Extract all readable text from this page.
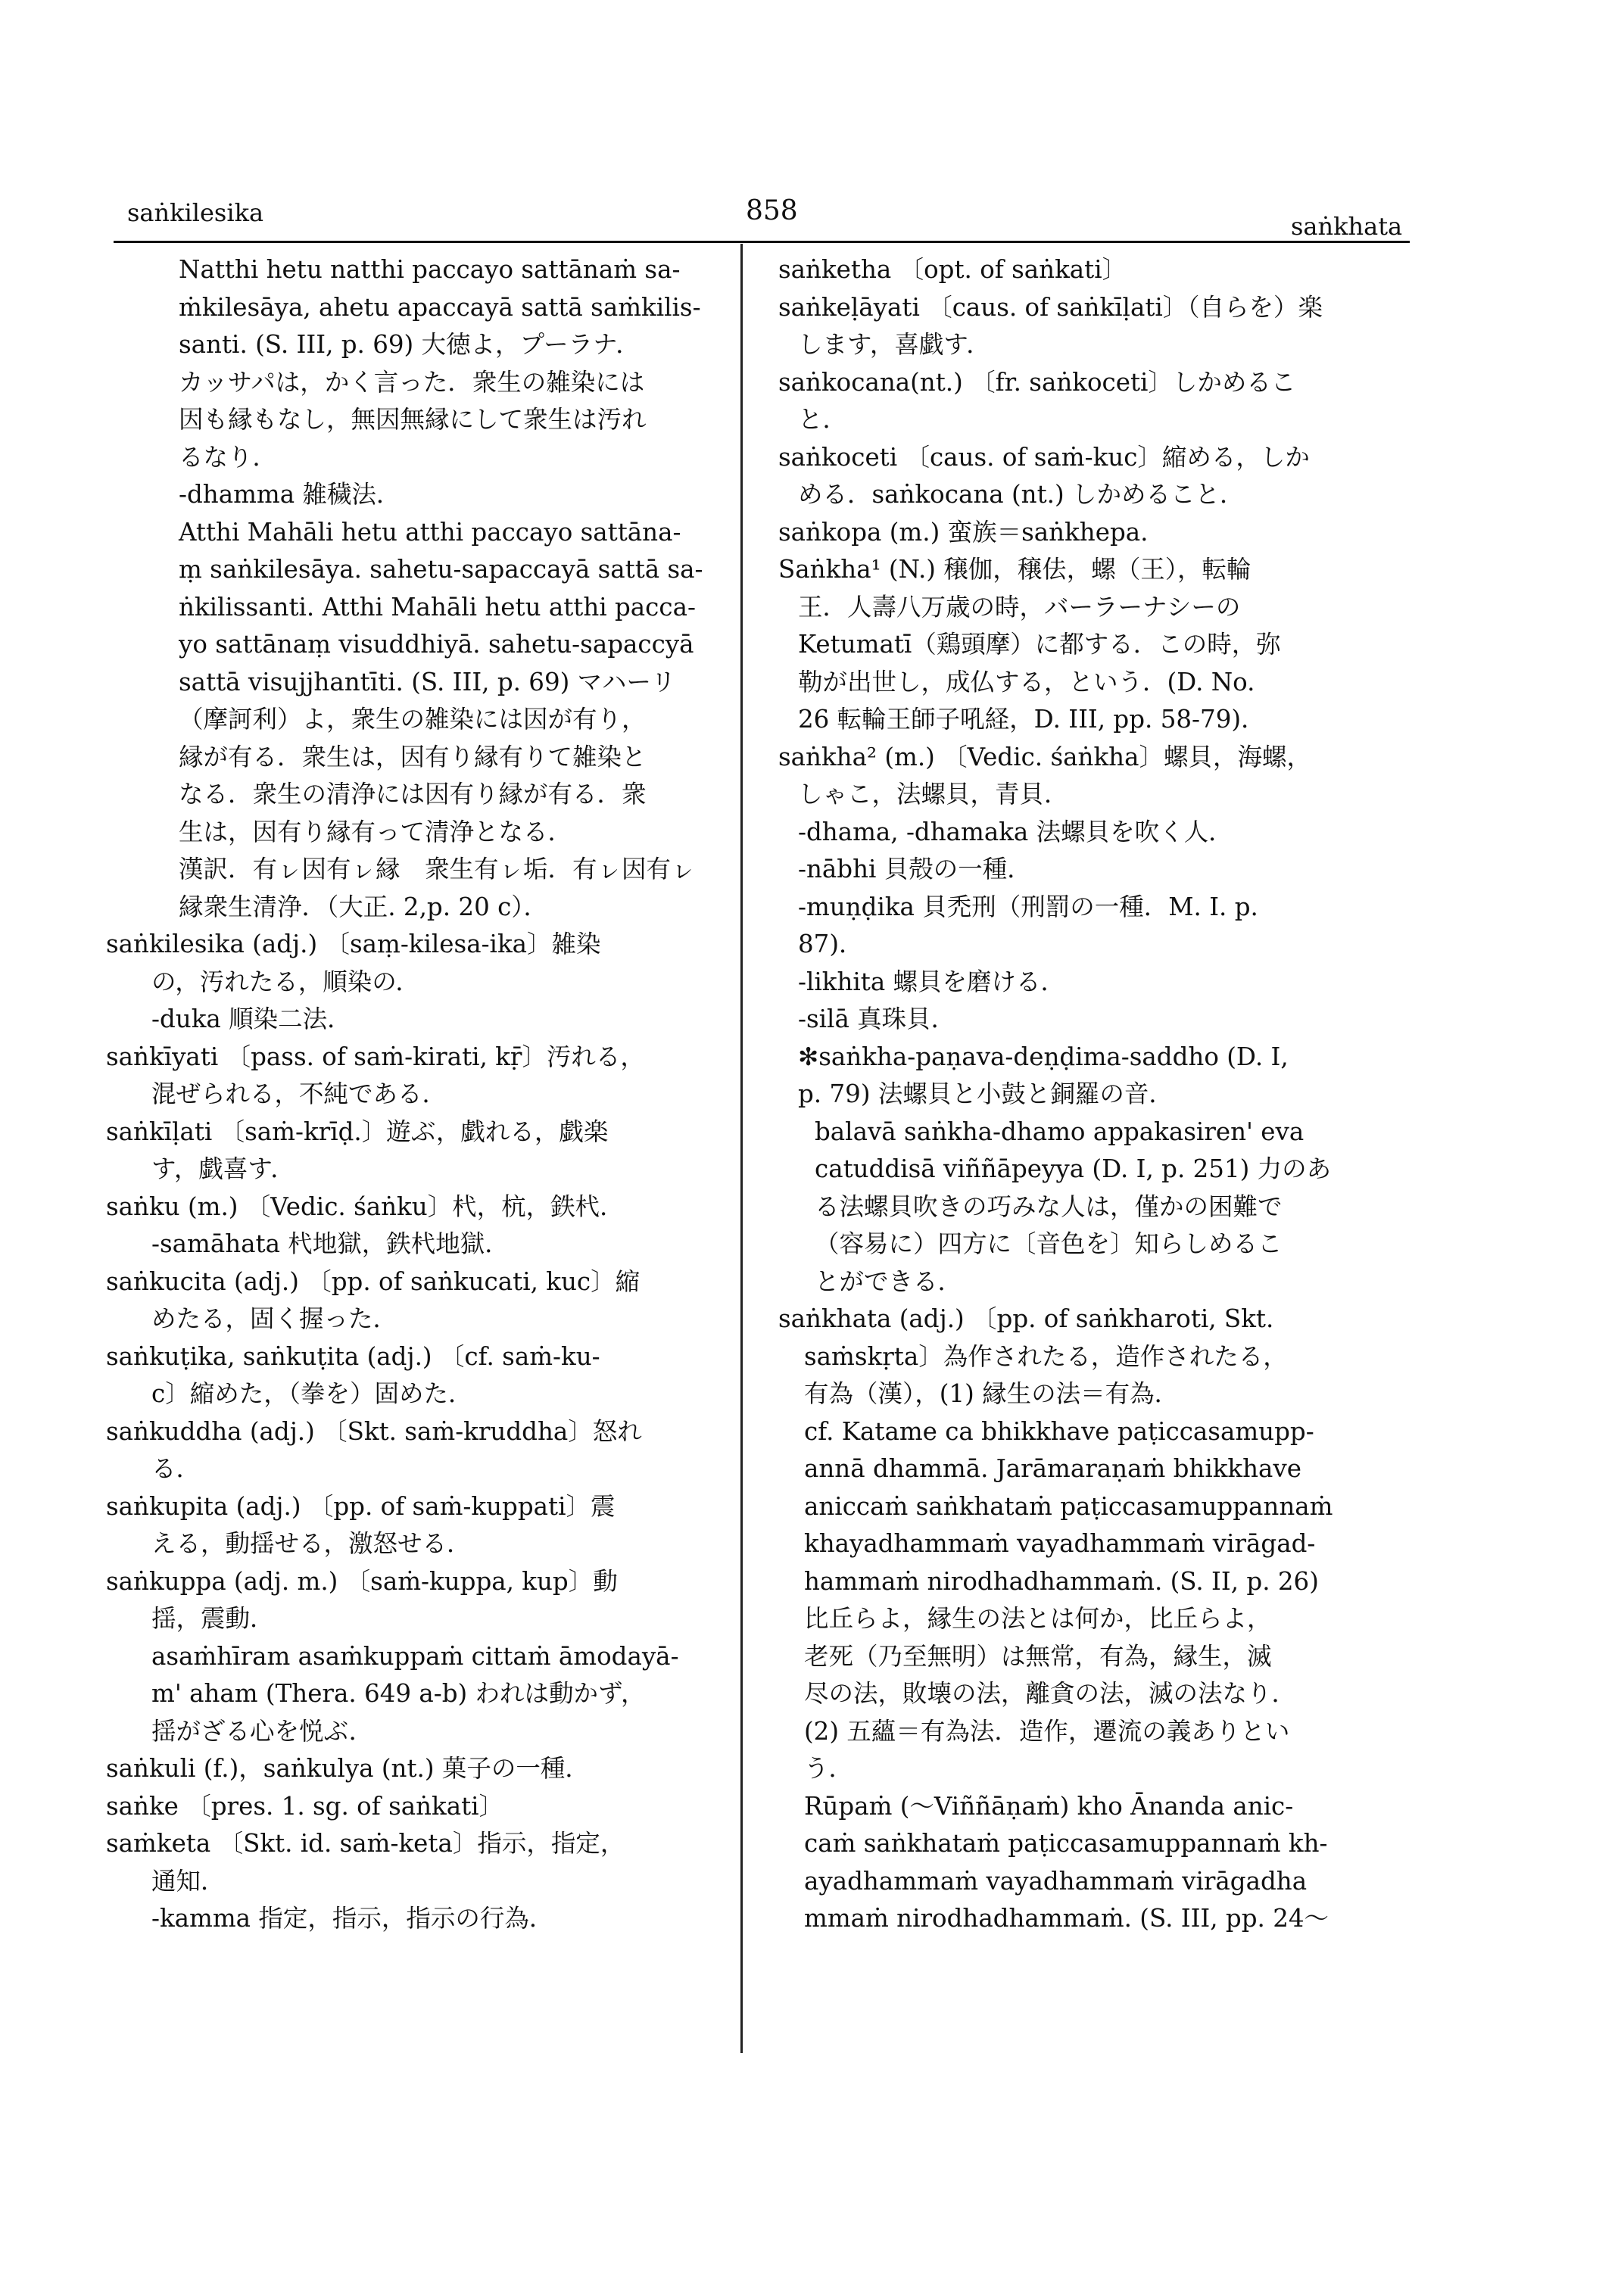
saṅkilesika	858	saṅkhata
Natthi hetu natthi paccayo sattānaṁ sa-
ṁkilesāya, ahetu apaccayā sattā saṁkilis-
santi. (S. III, p. 69) 大徳よ，プーラナ．
カッサパは，かく言った．衆生の雑染には
因も縁もなし，無因無縁にして衆生は汚れ
るなり．
-dhamma 雑穢法．
Atthi Mahāli hetu atthi paccayo sattāna-
ṃ saṅkilesāya. sahetu-sapaccayā sattā sa-
ṅkilissanti. Atthi Mahāli hetu atthi pacca-
yo sattānaṃ visuddhiyā. sahetu-sapaccyā
sattā visujjhantīti. (S. III, p. 69) マハーリ
（摩訶利）よ，衆生の雑染には因が有り，
縁が有る．衆生は，因有り縁有りて雑染と
なる．衆生の清浄には因有り縁が有る．衆
生は，因有り縁有って清浄となる．
漢訳．有ㇾ因有ㇾ縁　衆生有ㇾ垢．有ㇾ因有ㇾ
縁衆生清浄．（大正. 2,p. 20 c）．
saṅkilesika (adj.) 〔saṃ-kilesa-ika〕雑染
の，汚れたる，順染の．
-duka 順染二法．
saṅkīyati 〔pass. of saṁ-kirati, kṝ〕汚れる，
混ぜられる，不純である．
saṅkīḷati 〔saṁ-krīḍ.〕遊ぶ，戯れる，戯楽
す，戯喜す．
saṅku (m.) 〔Vedic. śaṅku〕杙，杭，鉄杙．
-samāhata 杙地獄，鉄杙地獄．
saṅkucita (adj.) 〔pp. of saṅkucati, kuc〕縮
めたる，固く握った．
saṅkuṭika, saṅkuṭita (adj.) 〔cf. saṁ-ku-
c〕縮めた，（拳を）固めた．
saṅkuddha (adj.) 〔Skt. saṁ-kruddha〕怒れ
る．
saṅkupita (adj.) 〔pp. of saṁ-kuppati〕震
える，動揺せる，激怒せる．
saṅkuppa (adj. m.) 〔saṁ-kuppa, kup〕動
揺，震動．
asaṁhīram asaṁkuppaṁ cittaṁ āmodayā-
m' aham (Thera. 649 a-b) われは動かず，
揺がざる心を悦ぶ．
saṅkuli (f.)，saṅkulya (nt.) 菓子の一種．
saṅke 〔pres. 1. sg. of saṅkati〕
saṁketa 〔Skt. id. saṁ-keta〕指示，指定，
通知．
-kamma 指定，指示，指示の行為．
saṅketha 〔opt. of saṅkati〕
saṅkeḷāyati 〔caus. of saṅkīḷati〕（自らを）楽
します，喜戯す．
saṅkocana(nt.) 〔fr. saṅkoceti〕しかめるこ
と．
saṅkoceti 〔caus. of saṁ-kuc〕縮める，しか
める．saṅkocana (nt.) しかめること．
saṅkopa (m.) 蛮族＝saṅkhepa.
Saṅkha¹ (N.) 穣伽，穣佉，螺（王），転輪
王．人壽八万歳の時，バーラーナシーの
Ketumatī（鶏頭摩）に都する．この時，弥
勒が出世し，成仏する，という．(D. No.
26 転輪王師子吼経，D. III, pp. 58-79)．
saṅkha² (m.) 〔Vedic. śaṅkha〕螺貝，海螺，
しゃこ，法螺貝，青貝．
-dhama, -dhamaka 法螺貝を吹く人．
-nābhi 貝殻の一種．
-muṇḍika 貝禿刑（刑罰の一種．M. I. p.
87)．
-likhita 螺貝を磨ける．
-silā 真珠貝．
✻saṅkha-paṇava-deṇḍima-saddho (D. I,
p. 79) 法螺貝と小鼓と銅羅の音．
balavā saṅkha-dhamo appakasiren' eva
catuddisā viññāpeyya (D. I, p. 251) 力のあ
る法螺貝吹きの巧みな人は，僅かの困難で
（容易に）四方に〔音色を〕知らしめるこ
とができる．
saṅkhata (adj.) 〔pp. of saṅkharoti, Skt.
saṁskṛta〕為作されたる，造作されたる，
有為（漢），(1) 縁生の法＝有為．
cf. Katame ca bhikkhave paṭiccasamupp-
annā dhammā. Jarāmaraṇaṁ bhikkhave
aniccaṁ saṅkhataṁ paṭiccasamuppannaṁ
khayadhammaṁ vayadhammaṁ virāgad-
hammaṁ nirodhadhammaṁ. (S. II, p. 26)
比丘らよ，縁生の法とは何か，比丘らよ，
老死（乃至無明）は無常，有為，縁生，滅
尽の法，敗壊の法，離貪の法，滅の法なり．
(2) 五蘊＝有為法．造作，遷流の義ありとい
う．
Rūpaṁ (～Viññāṇaṁ) kho Ānanda anic-
caṁ saṅkhataṁ paṭiccasamuppannaṁ kh-
ayadhammaṁ vayadhammaṁ virāgadha
mmaṁ nirodhadhammaṁ. (S. III, pp. 24～
